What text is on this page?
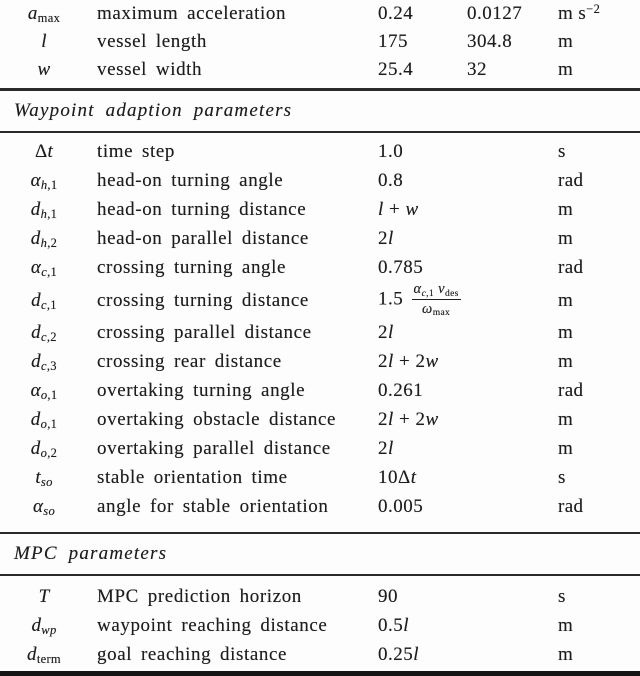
$a_{max}$	maximum acceleration	0.24	0.0127	m $s^{-2}$
l	vessel length	175	304.8	m
w	vessel width	25.4	32	m
Waypoint adaption parameters
Δt	time step	1.0	s
$\alpha_{h,1}$	head-on turning angle	0.8	rad
$d_{h,1}$	head-on turning distance	l + w	m
$d_{h,2}$	head-on parallel distance	2l	m
$\alpha_{c,1}$	crossing turning angle	0.785	rad
$d_{c,1}$	crossing turning distance	$1.5 \frac{\alpha_{c,1} v_{des}}{\omega_{max}}$	m
$d_{c,2}$	crossing parallel distance	2l	m
$d_{c,3}$	crossing rear distance	2l + 2w	m
$\alpha_{o,1}$	overtaking turning angle	0.261	rad
$d_{o,1}$	overtaking obstacle distance	2l + 2w	m
$d_{o,2}$	overtaking parallel distance	2l	m
$t_{so}$	stable orientation time	10Δt	s
$\alpha_{so}$	angle for stable orientation	0.005	rad
MPC parameters
T	MPC prediction horizon	90	s
$d_{wp}$	waypoint reaching distance	0.5l	m
$d_{term}$	goal reaching distance	0.25l	m
